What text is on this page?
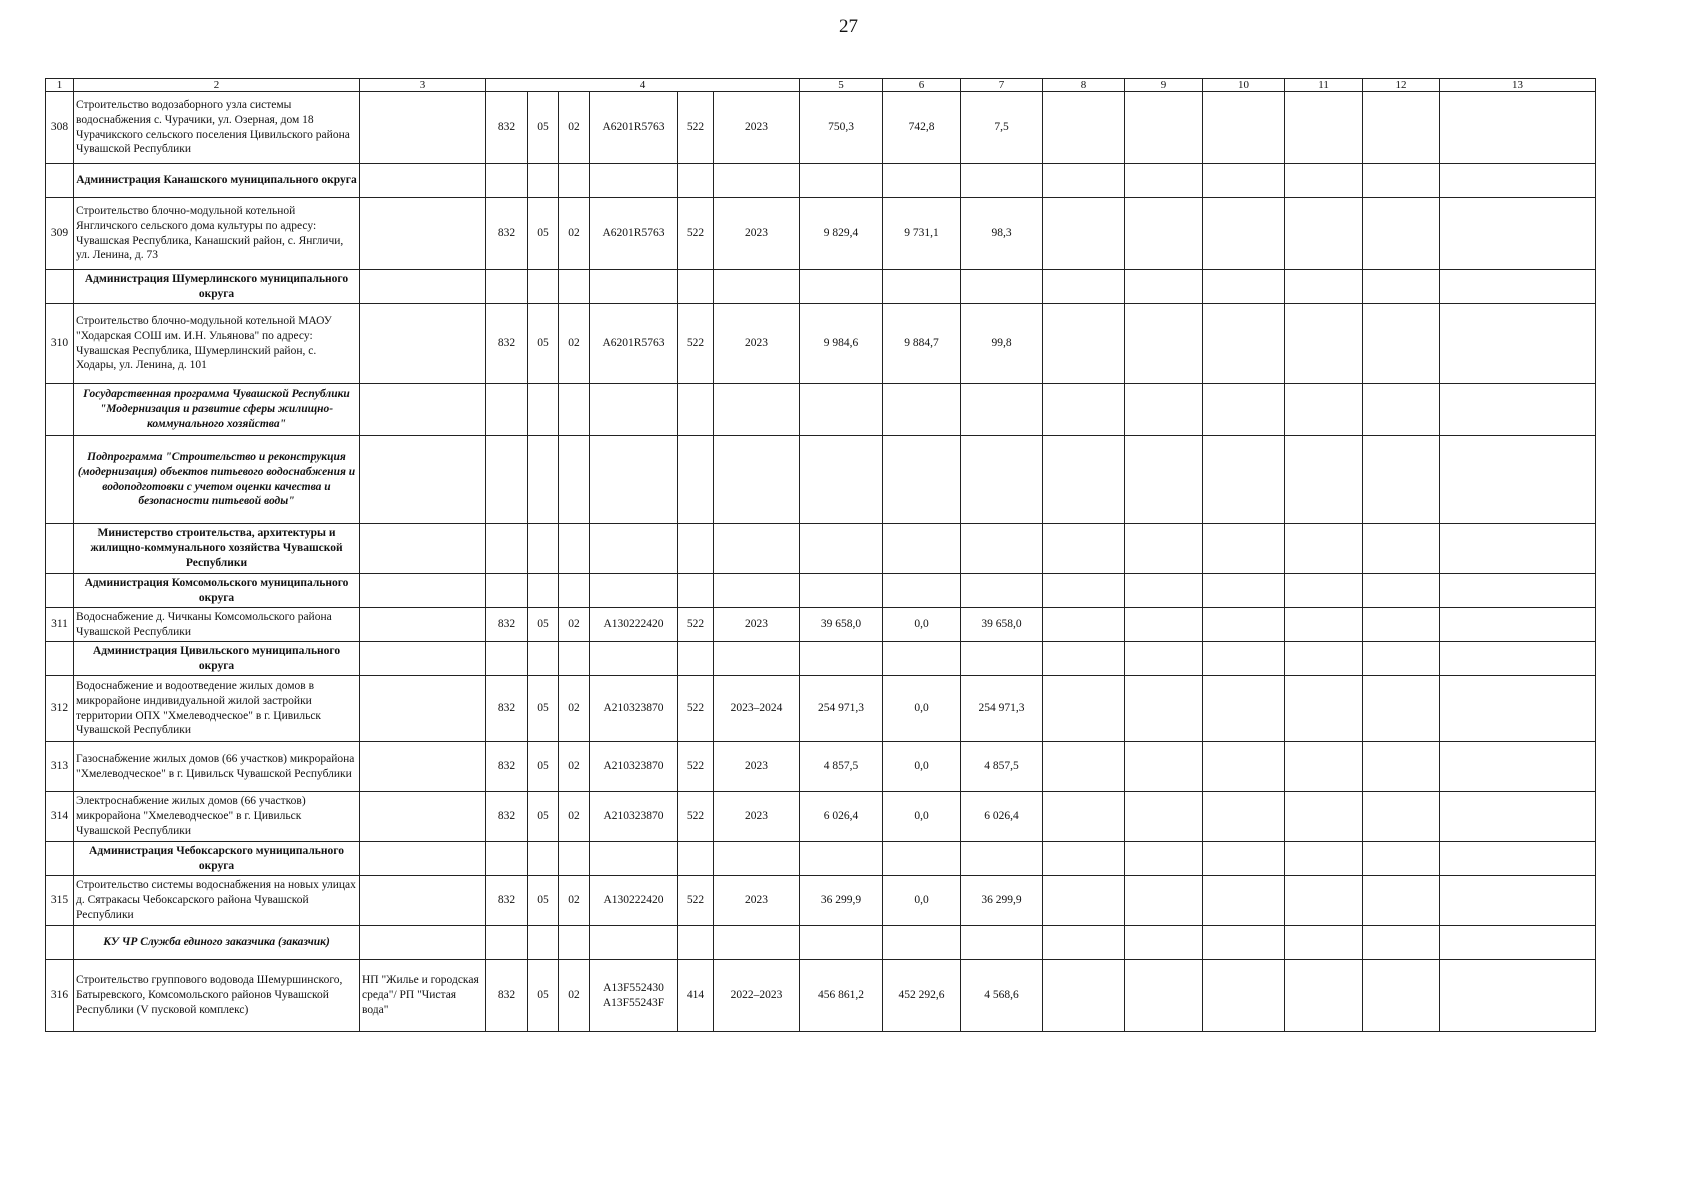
27
1	2	3	4						5	6	7	8	9	10	11	12	13	
308	Строительство водозаборного узла системы водоснабжения с. Чурачики, ул. Озерная, дом 18 Чурачикского сельского поселения Цивильского района Чувашской Республики		832	05	02	A6201R5763	522	2023	750,3	742,8	7,5							
	Администрация Канашского муниципального округа																	
309	Строительство блочно-модульной котельной Янгличского сельского дома культуры по адресу: Чувашская Республика, Канашский район, с. Янгличи, ул. Ленина, д. 73		832	05	02	A6201R5763	522	2023	9 829,4	9 731,1	98,3							
	Администрация Шумерлинского муниципального округа																	
310	Строительство блочно-модульной котельной МАОУ "Ходарская СОШ им. И.Н. Ульянова" по адресу: Чувашская Республика, Шумерлинский район, с. Ходары, ул. Ленина, д. 101		832	05	02	A6201R5763	522	2023	9 984,6	9 884,7	99,8							
	Государственная программа Чувашской Республики "Модернизация и развитие сферы жилищно-коммунального хозяйства"																	
	Подпрограмма "Строительство и реконструкция (модернизация) объектов питьевого водоснабжения и водоподготовки с учетом оценки качества и безопасности питьевой воды"																	
	Министерство строительства, архитектуры и жилищно-коммунального хозяйства Чувашской Республики																	
	Администрация Комсомольского муниципального округа																	
311	Водоснабжение д. Чичканы Комсомольского района Чувашской Республики		832	05	02	A130222420	522	2023	39 658,0	0,0	39 658,0							
	Администрация Цивильского муниципального округа																	
312	Водоснабжение и водоотведение жилых домов в микрорайоне индивидуальной жилой застройки территории ОПХ "Хмелеводческое" в г. Цивильск Чувашской Республики		832	05	02	A210323870	522	2023–2024	254 971,3	0,0	254 971,3							
313	Газоснабжение жилых домов (66 участков) микрорайона "Хмелеводческое" в г. Цивильск Чувашской Республики		832	05	02	A210323870	522	2023	4 857,5	0,0	4 857,5							
314	Электроснабжение жилых домов (66 участков) микрорайона "Хмелеводческое" в г. Цивильск Чувашской Республики		832	05	02	A210323870	522	2023	6 026,4	0,0	6 026,4							
	Администрация Чебоксарского муниципального округа																	
315	Строительство системы водоснабжения на новых улицах д. Сятракасы Чебоксарского района Чувашской Республики		832	05	02	A130222420	522	2023	36 299,9	0,0	36 299,9							
	КУ ЧР Служба единого заказчика (заказчик)																	
316	Строительство группового водовода Шемуршинского, Батыревского, Комсомольского районов Чувашской Республики (V пусковой комплекс)	НП "Жилье и городская среда"/ РП "Чистая вода"	832	05	02	A13F552430 A13F55243F	414	2022–2023	456 861,2	452 292,6	4 568,6							
